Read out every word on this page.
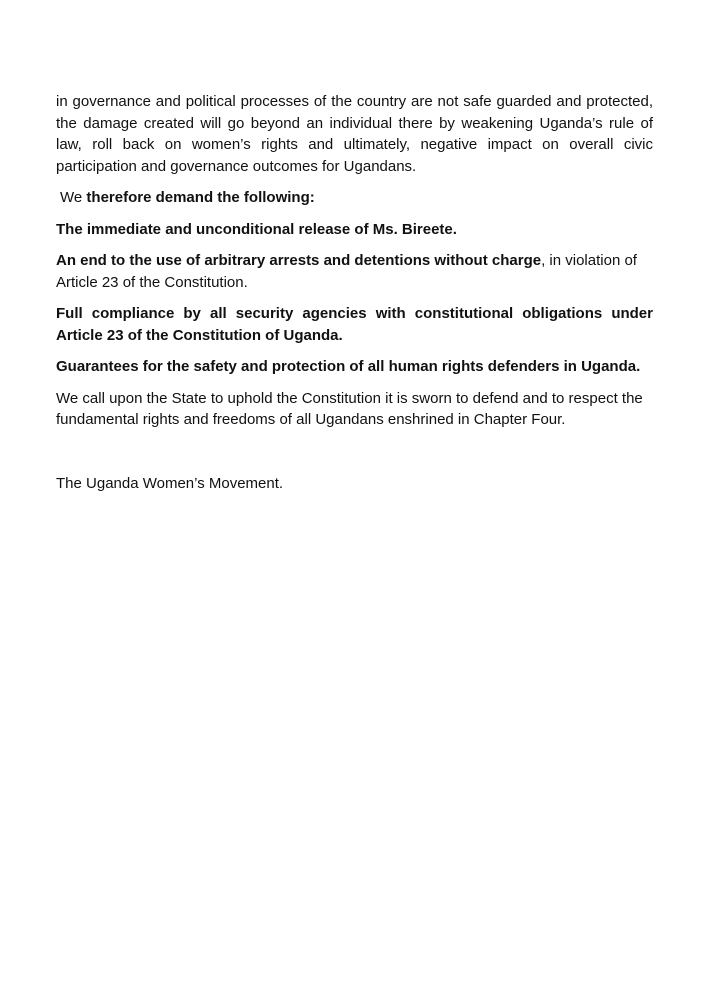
in governance and political processes of the country are not safe guarded and protected, the damage created will go beyond an individual there by weakening Uganda’s rule of law, roll back on women’s rights and ultimately, negative impact on overall civic participation and governance outcomes for Ugandans.

We therefore demand the following:

The immediate and unconditional release of Ms. Bireete.

An end to the use of arbitrary arrests and detentions without charge, in violation of Article 23 of the Constitution.

Full compliance by all security agencies with constitutional obligations under Article 23 of the Constitution of Uganda.

Guarantees for the safety and protection of all human rights defenders in Uganda.

We call upon the State to uphold the Constitution it is sworn to defend and to respect the fundamental rights and freedoms of all Ugandans enshrined in Chapter Four.

The Uganda Women’s Movement.
